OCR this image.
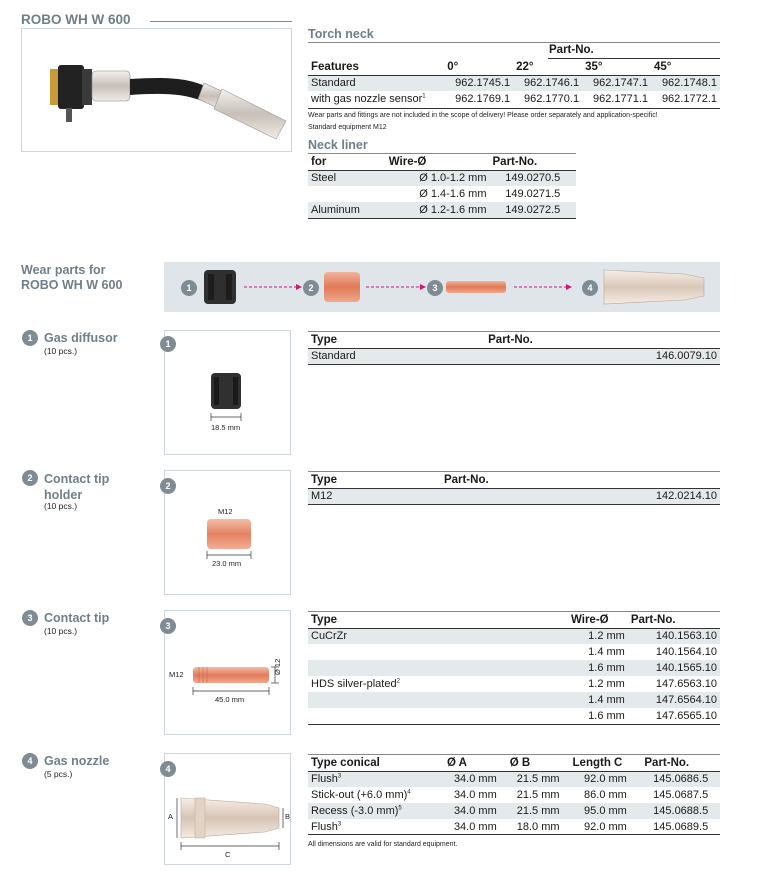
ROBO WH W 600
Torch neck
Part-No.
Features	0°	22°	35°	45°
Standard	962.1745.1	962.1746.1	962.1747.1	962.1748.1
with gas nozzle sensor$^1$	962.1769.1	962.1770.1	962.1771.1	962.1772.1
Wear parts and fittings are not included in the scope of delivery! Please order separately and application-specific!
Standard equipment M12
Neck liner
for	Wire-Ø	Part-No.
Steel	Ø 1.0-1.2 mm	149.0270.5
	Ø 1.4-1.6 mm	149.0271.5
Aluminum	Ø 1.2-1.6 mm	149.0272.5
Wear parts for
ROBO WH W 600	1	2	3	4
1 Gas diffusor
(10 pcs.)
1
18.5 mm
Type	Part-No.
Standard	146.0079.10
2 Contact tip
holder
(10 pcs.)
2
M12
23.0 mm
Type	Part-No.
M12	142.0214.10
3 Contact tip
(10 pcs.)	3
M12
45.0 mm
Ø 12
Type	Wire-Ø	Part-No.
CuCrZr	1.2 mm	140.1563.10
	1.4 mm	140.1564.10
	1.6 mm	140.1565.10
HDS silver-plated$^2$	1.2 mm	147.6563.10
	1.4 mm	147.6564.10
	1.6 mm	147.6565.10
4 Gas nozzle
(5 pcs.)	4
A	B
C
Type conical	Ø A	Ø B	Length C	Part-No.
Flush$^3$	34.0 mm	21.5 mm	92.0 mm	145.0686.5
Stick-out (+6.0 mm)$^4$	34.0 mm	21.5 mm	86.0 mm	145.0687.5
Recess (-3.0 mm)$^5$	34.0 mm	21.5 mm	95.0 mm	145.0688.5
Flush$^3$	34.0 mm	18.0 mm	92.0 mm	145.0689.5
All dimensions are valid for standard equipment.
